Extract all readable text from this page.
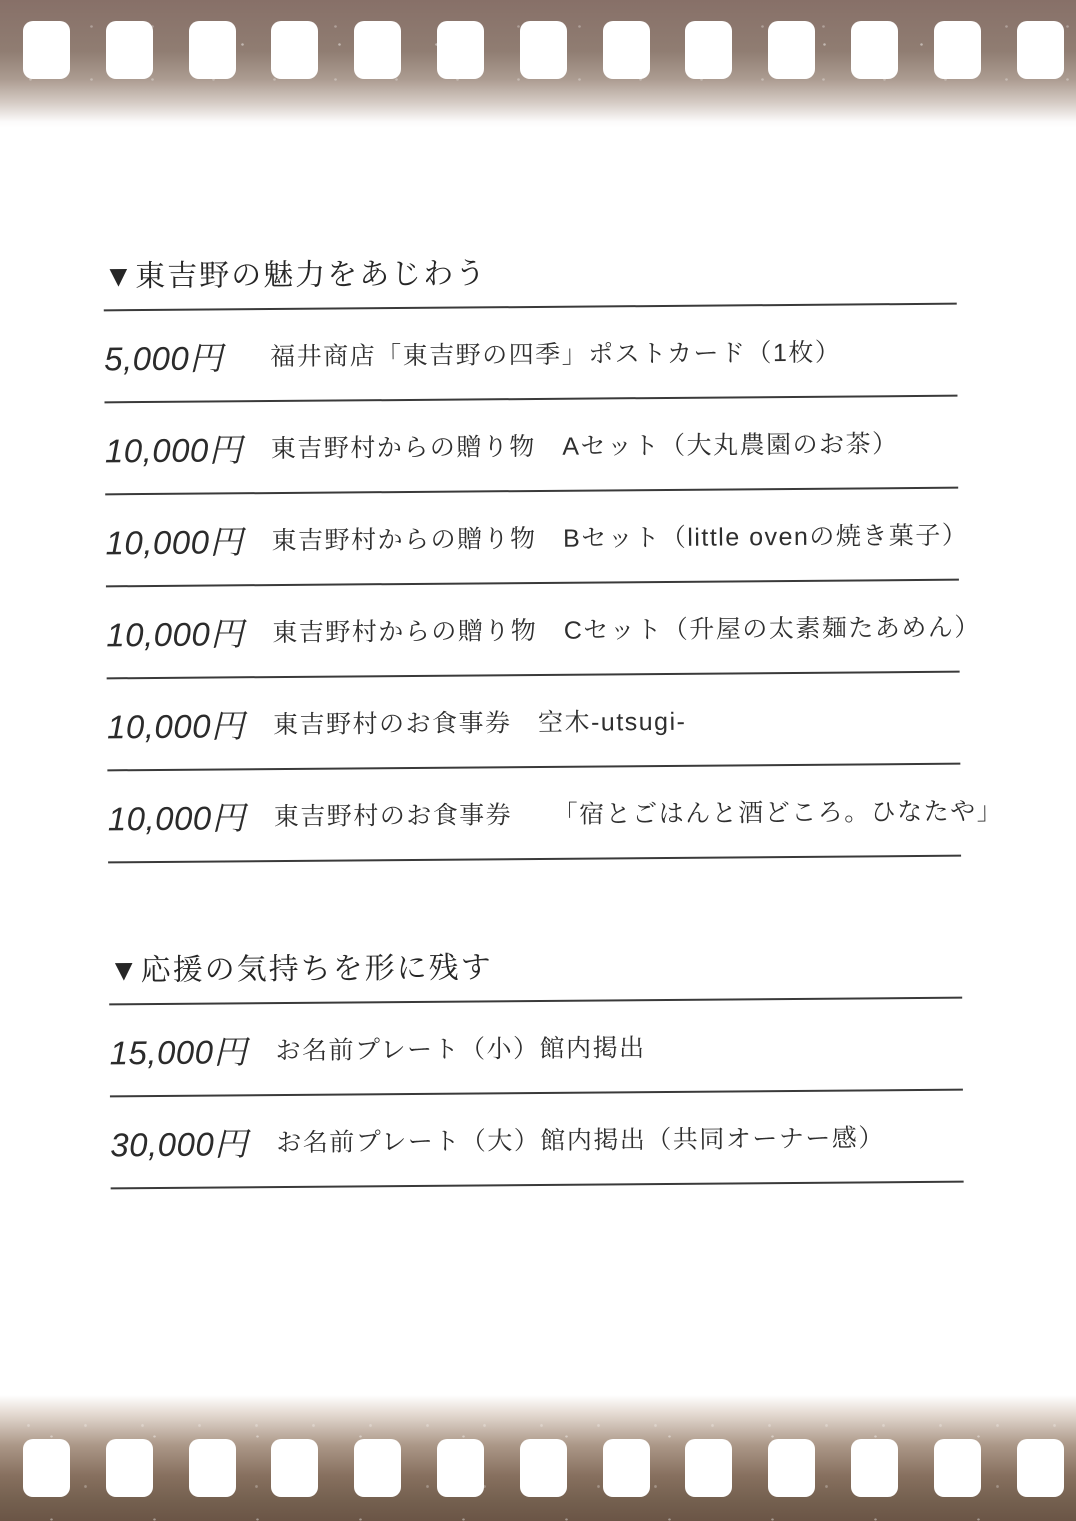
▼東吉野の魅力をあじわう
5,000円	福井商店「東吉野の四季」ポストカード（1枚）
10,000円	東吉野村からの贈り物　Aセット（大丸農園のお茶）
10,000円	東吉野村からの贈り物　Bセット（little ovenの焼き菓子）
10,000円	東吉野村からの贈り物　Cセット（升屋の太素麺たあめん）
10,000円	東吉野村のお食事券　空木-utsugi-
10,000円	東吉野村のお食事券　　「宿とごはんと酒どころ。ひなたや」
▼応援の気持ちを形に残す
15,000円	お名前プレート（小）館内掲出
30,000円	お名前プレート（大）館内掲出（共同オーナー感）
